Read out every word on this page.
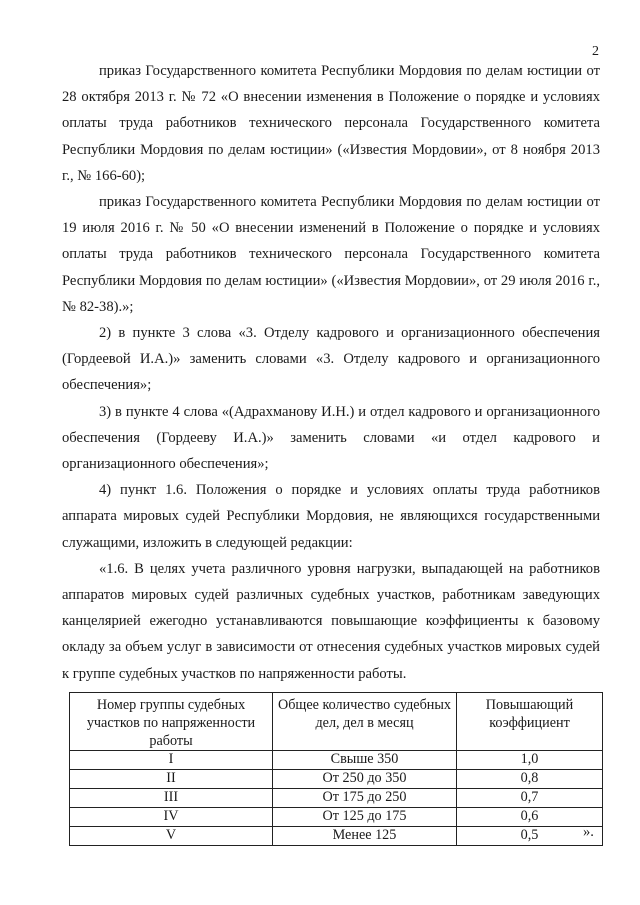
2

приказ Государственного комитета Республики Мордовия по делам юстиции от 28 октября 2013 г. № 72 «О внесении изменения в Положение о порядке и условиях оплаты труда работников технического персонала Государственного комитета Республики Мордовия по делам юстиции» («Известия Мордовии», от 8 ноября 2013 г., № 166-60);

приказ Государственного комитета Республики Мордовия по делам юстиции от 19 июля 2016 г. № 50 «О внесении изменений в Положение о порядке и условиях оплаты труда работников технического персонала Государственного комитета Республики Мордовия по делам юстиции» («Известия Мордовии», от 29 июля 2016 г., № 82-38).»;

2) в пункте 3 слова «3. Отделу кадрового и организационного обеспечения (Гордеевой И.А.)» заменить словами «3. Отделу кадрового и организационного обеспечения»;

3) в пункте 4 слова «(Адрахманову И.Н.) и отдел кадрового и организационного обеспечения (Гордееву И.А.)» заменить словами «и отдел кадрового и организационного обеспечения»;

4) пункт 1.6. Положения о порядке и условиях оплаты труда работников аппарата мировых судей Республики Мордовия, не являющихся государственными служащими, изложить в следующей редакции:

«1.6. В целях учета различного уровня нагрузки, выпадающей на работников аппаратов мировых судей различных судебных участков, работникам заведующих канцелярией ежегодно устанавливаются повышающие коэффициенты к базовому окладу за объем услуг в зависимости от отнесения судебных участков мировых судей к группе судебных участков по напряженности работы.

Номер группы судебных участков по напряженности работы	Общее количество судебных дел, дел в месяц	Повышающий коэффициент
I	Свыше 350	1,0
II	От 250 до 350	0,8
III	От 175 до 250	0,7
IV	От 125 до 175	0,6
V	Менее 125	0,5	».
